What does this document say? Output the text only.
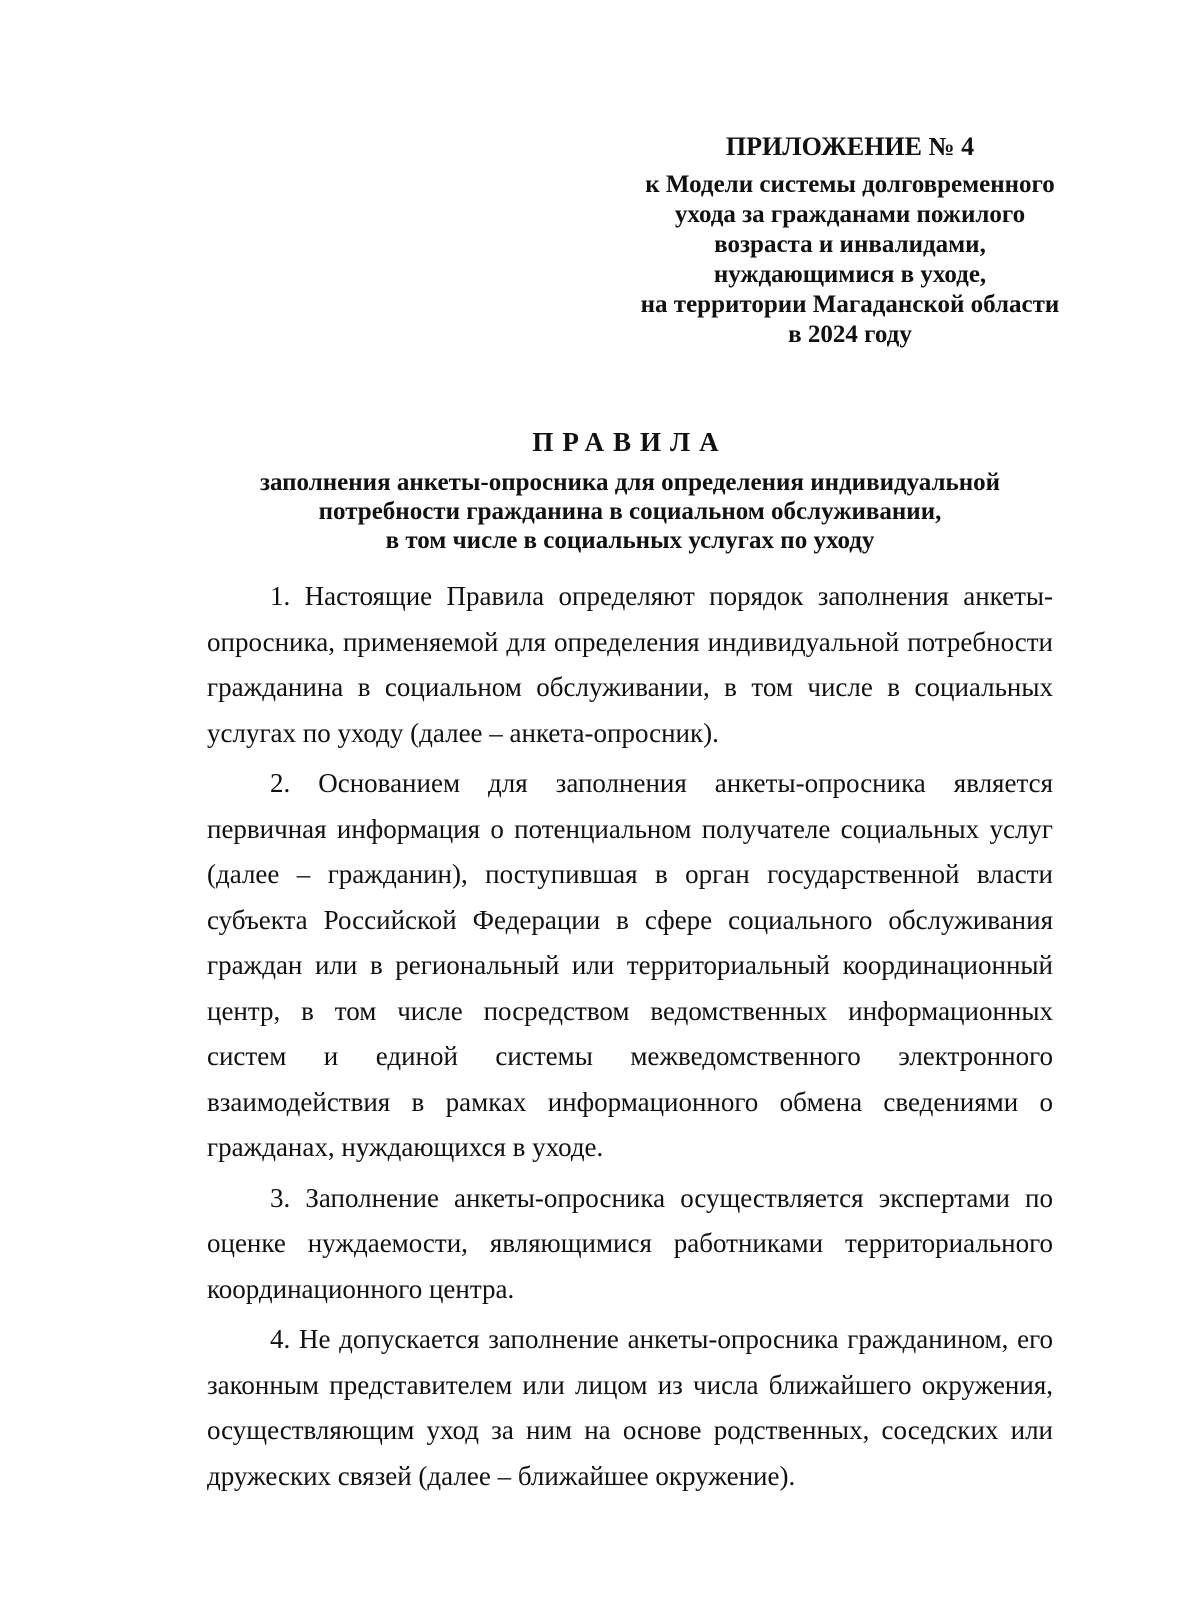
ПРИЛОЖЕНИЕ № 4
к Модели системы долговременного
ухода за гражданами пожилого
возраста и инвалидами,
нуждающимися в уходе,
на территории Магаданской области
в 2024 году
ПРАВИЛА
заполнения анкеты-опросника для определения индивидуальной
потребности гражданина в социальном обслуживании,
в том числе в социальных услугах по уходу

1. Настоящие Правила определяют порядок заполнения анкеты-опросника, применяемой для определения индивидуальной потребности гражданина в социальном обслуживании, в том числе в социальных услугах по уходу (далее – анкета-опросник).

2. Основанием для заполнения анкеты-опросника является первичная информация о потенциальном получателе социальных услуг (далее – гражданин), поступившая в орган государственной власти субъекта Российской Федерации в сфере социального обслуживания граждан или в региональный или территориальный координационный центр, в том числе посредством ведомственных информационных систем и единой системы межведомственного электронного взаимодействия в рамках информационного обмена сведениями о гражданах, нуждающихся в уходе.

3. Заполнение анкеты-опросника осуществляется экспертами по оценке нуждаемости, являющимися работниками территориального координационного центра.

4. Не допускается заполнение анкеты-опросника гражданином, его законным представителем или лицом из числа ближайшего окружения, осуществляющим уход за ним на основе родственных, соседских или дружеских связей (далее – ближайшее окружение).
